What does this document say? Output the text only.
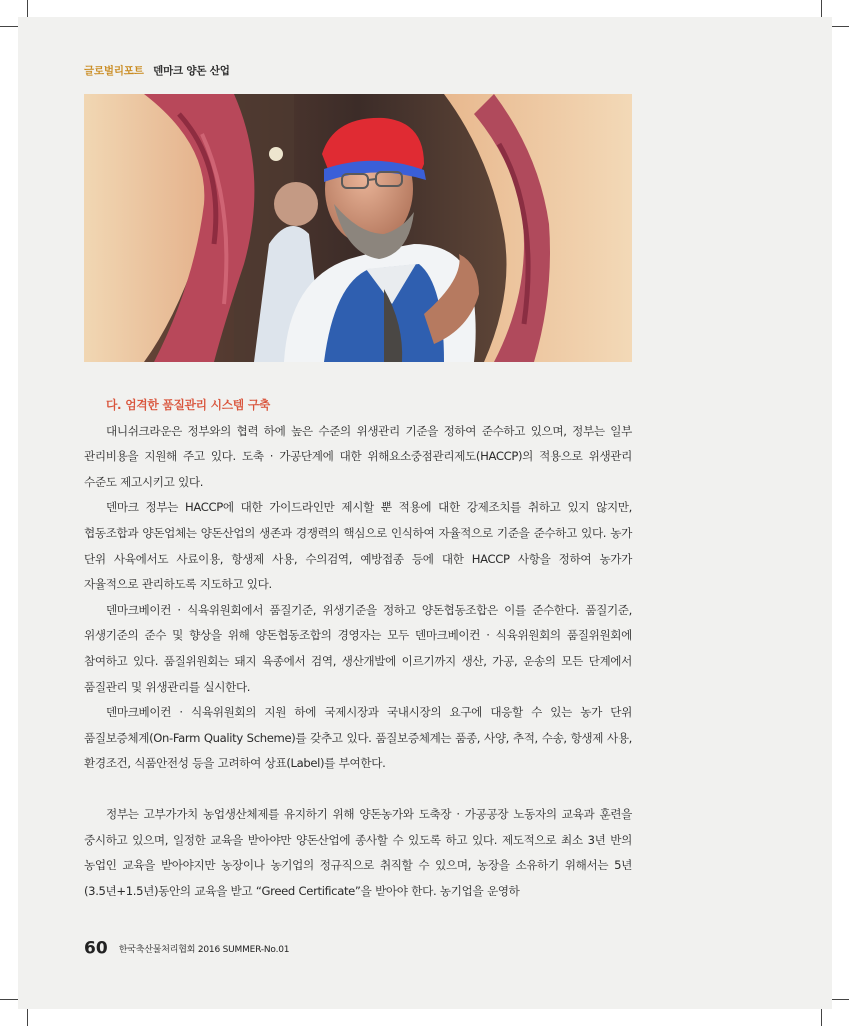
글로벌리포트 덴마크 양돈 산업
다. 엄격한 품질관리 시스템 구축

대니쉬크라운은 정부와의 협력 하에 높은 수준의 위생관리 기준을 정하여 준수하고 있으며, 정부는 일부 관리비용을 지원해 주고 있다. 도축 · 가공단계에 대한 위해요소중점관리제도(HACCP)의 적용으로 위생관리 수준도 제고시키고 있다.

덴마크 정부는 HACCP에 대한 가이드라인만 제시할 뿐 적용에 대한 강제조치를 취하고 있지 않지만, 협동조합과 양돈업체는 양돈산업의 생존과 경쟁력의 핵심으로 인식하여 자율적으로 기준을 준수하고 있다. 농가 단위 사육에서도 사료이용, 항생제 사용, 수의검역, 예방접종 등에 대한 HACCP 사항을 정하여 농가가 자율적으로 관리하도록 지도하고 있다.

덴마크베이컨 · 식육위원회에서 품질기준, 위생기준을 정하고 양돈협동조합은 이를 준수한다. 품질기준, 위생기준의 준수 및 향상을 위해 양돈협동조합의 경영자는 모두 덴마크베이컨 · 식육위원회의 품질위원회에 참여하고 있다. 품질위원회는 돼지 육종에서 검역, 생산개발에 이르기까지 생산, 가공, 운송의 모든 단계에서 품질관리 및 위생관리를 실시한다.

덴마크베이컨 · 식육위원회의 지원 하에 국제시장과 국내시장의 요구에 대응할 수 있는 농가 단위 품질보증체계(On-Farm Quality Scheme)를 갖추고 있다. 품질보증체계는 품종, 사양, 추적, 수송, 항생제 사용, 환경조건, 식품안전성 등을 고려하여 상표(Label)를 부여한다.

정부는 고부가가치 농업생산체제를 유지하기 위해 양돈농가와 도축장 · 가공공장 노동자의 교육과 훈련을 중시하고 있으며, 일정한 교육을 받아야만 양돈산업에 종사할 수 있도록 하고 있다. 제도적으로 최소 3년 반의 농업인 교육을 받아야지만 농장이나 농기업의 정규직으로 취직할 수 있으며, 농장을 소유하기 위해서는 5년(3.5년+1.5년)동안의 교육을 받고 “Greed Certificate”을 받아야 한다. 농기업을 운영하

60 한국축산물처리협회 2016 SUMMER-No.01
